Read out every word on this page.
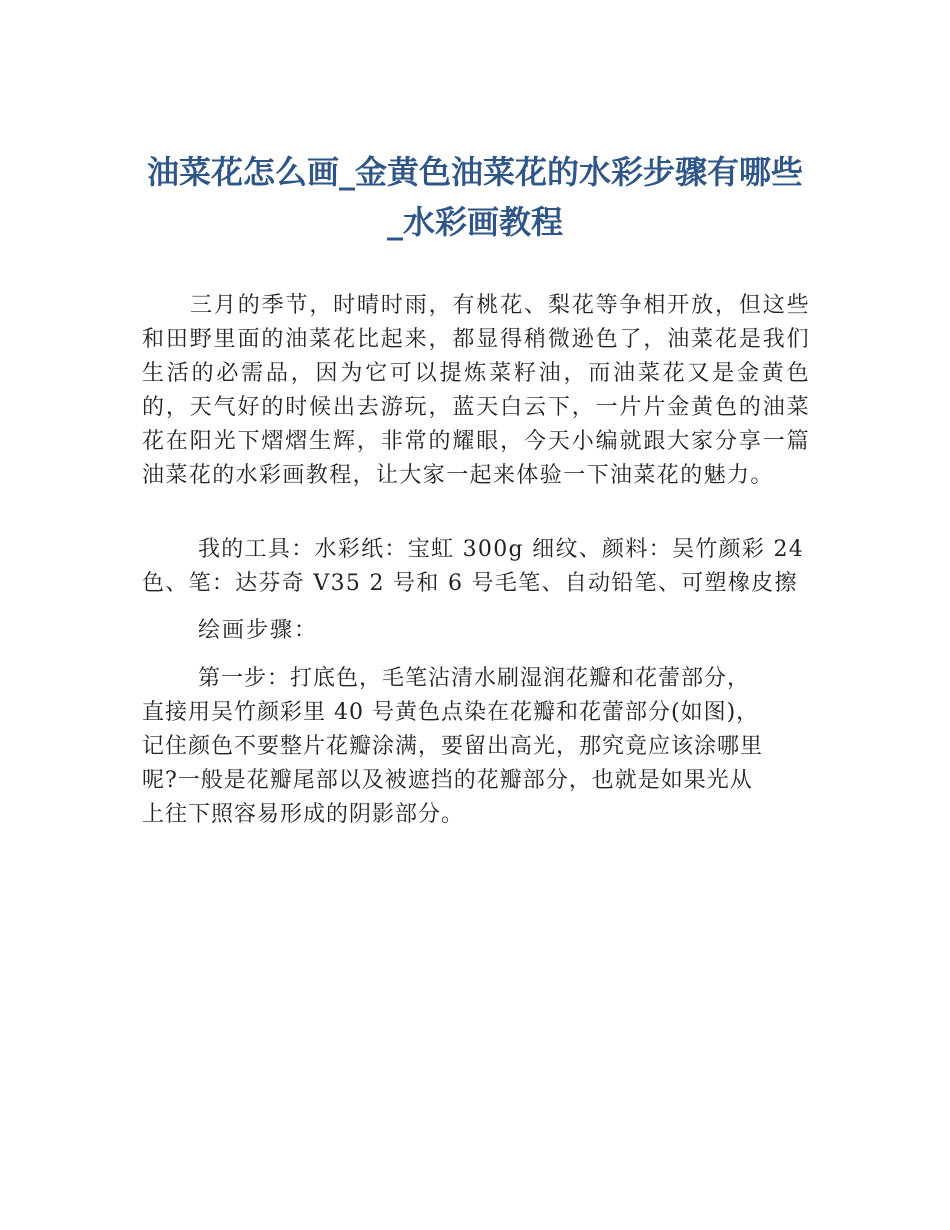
油菜花怎么画_金黄色油菜花的水彩步骤有哪些_水彩画教程

三月的季节，时晴时雨，有桃花、梨花等争相开放，但这些和田野里面的油菜花比起来，都显得稍微逊色了，油菜花是我们生活的必需品，因为它可以提炼菜籽油，而油菜花又是金黄色的，天气好的时候出去游玩，蓝天白云下，一片片金黄色的油菜花在阳光下熠熠生辉，非常的耀眼，今天小编就跟大家分享一篇油菜花的水彩画教程，让大家一起来体验一下油菜花的魅力。

我的工具：水彩纸：宝虹 300g 细纹、颜料：吴竹颜彩 24 色、笔：达芬奇 V35 2 号和 6 号毛笔、自动铅笔、可塑橡皮擦

绘画步骤：

第一步：打底色，毛笔沾清水刷湿润花瓣和花蕾部分，
直接用吴竹颜彩里 40 号黄色点染在花瓣和花蕾部分(如图)，
记住颜色不要整片花瓣涂满，要留出高光，那究竟应该涂哪里
呢?一般是花瓣尾部以及被遮挡的花瓣部分，也就是如果光从
上往下照容易形成的阴影部分。
